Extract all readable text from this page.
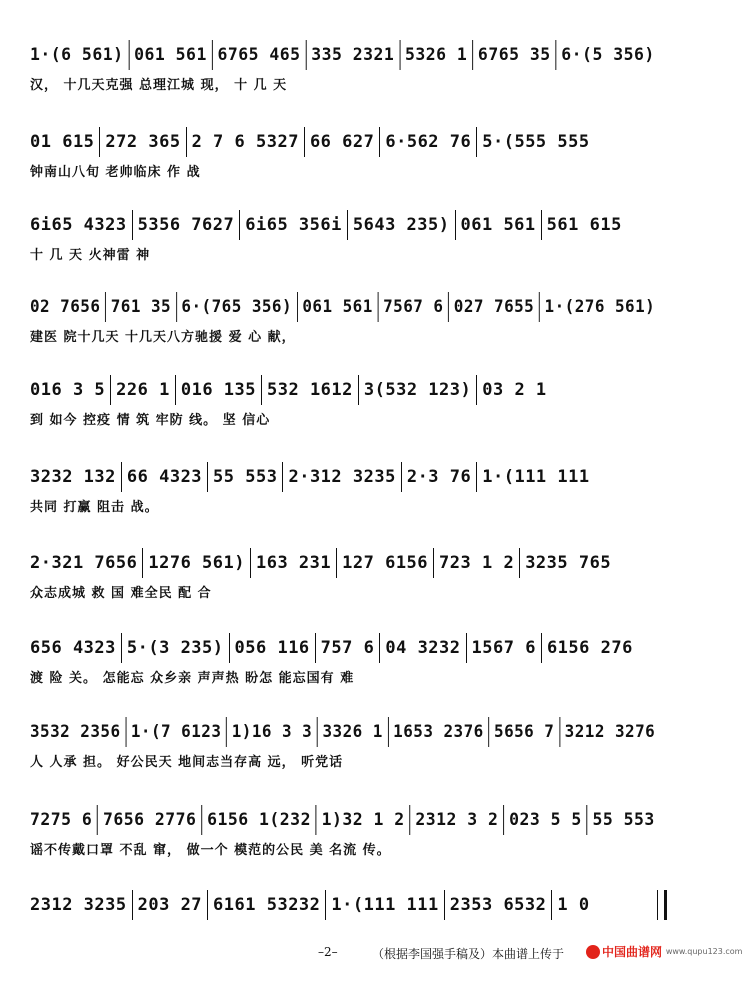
1·(6 561) 061 561 6765 465 335 2321 5326 1 6765 35 6·(5 356)
汉， 十几天克强 总理江城 现， 十 几 天
01 615 272 365 2 7 6 5327 66 627 6·562 76 5·(555 555
钟南山八旬 老帅临床 作 战
6i65 4323 5356 7627 6i65 356i 5643 235) 061 561 561 615
十 几 天 火神雷 神
02 7656 761 35 6·(765 356) 061 561 7567 6 027 7655 1·(276 561)
建医 院十几天 十几天八方驰援 爱 心 献，
016 3 5 226 1 016 135 532 1612 3(532 123) 03 2 1
到 如今 控疫 情 筑 牢防 线。 坚 信心
3232 132 66 4323 55 553 2·312 3235 2·3 76 1·(111 111
共同 打赢 阻击 战。
2·321 7656 1276 561) 163 231 127 6156 723 1 2 3235 765
众志成城 救 国 难全民 配 合
656 4323 5·(3 235) 056 116 757 6 04 3232 1567 6 6156 276
渡 险 关。 怎能忘 众乡亲 声声热 盼怎 能忘国有 难
3532 2356 1·(7 6123 1)16 3 3 3326 1 1653 2376 5656 7 3212 3276
人 人承 担。 好公民天 地间志当存高 远， 听党话
7275 6 7656 2776 6156 1(232 1)32 1 2 2312 3 2 023 5 5 55 553
谣不传戴口罩 不乱 窜， 做一个 模范的公民 美 名流 传。
2312 3235 203 27 6161 53232 1·(111 111 2353 6532 1 0
–2–	（根据李国强手稿及）本曲谱上传于	中国曲谱网 www.qupu123.com
